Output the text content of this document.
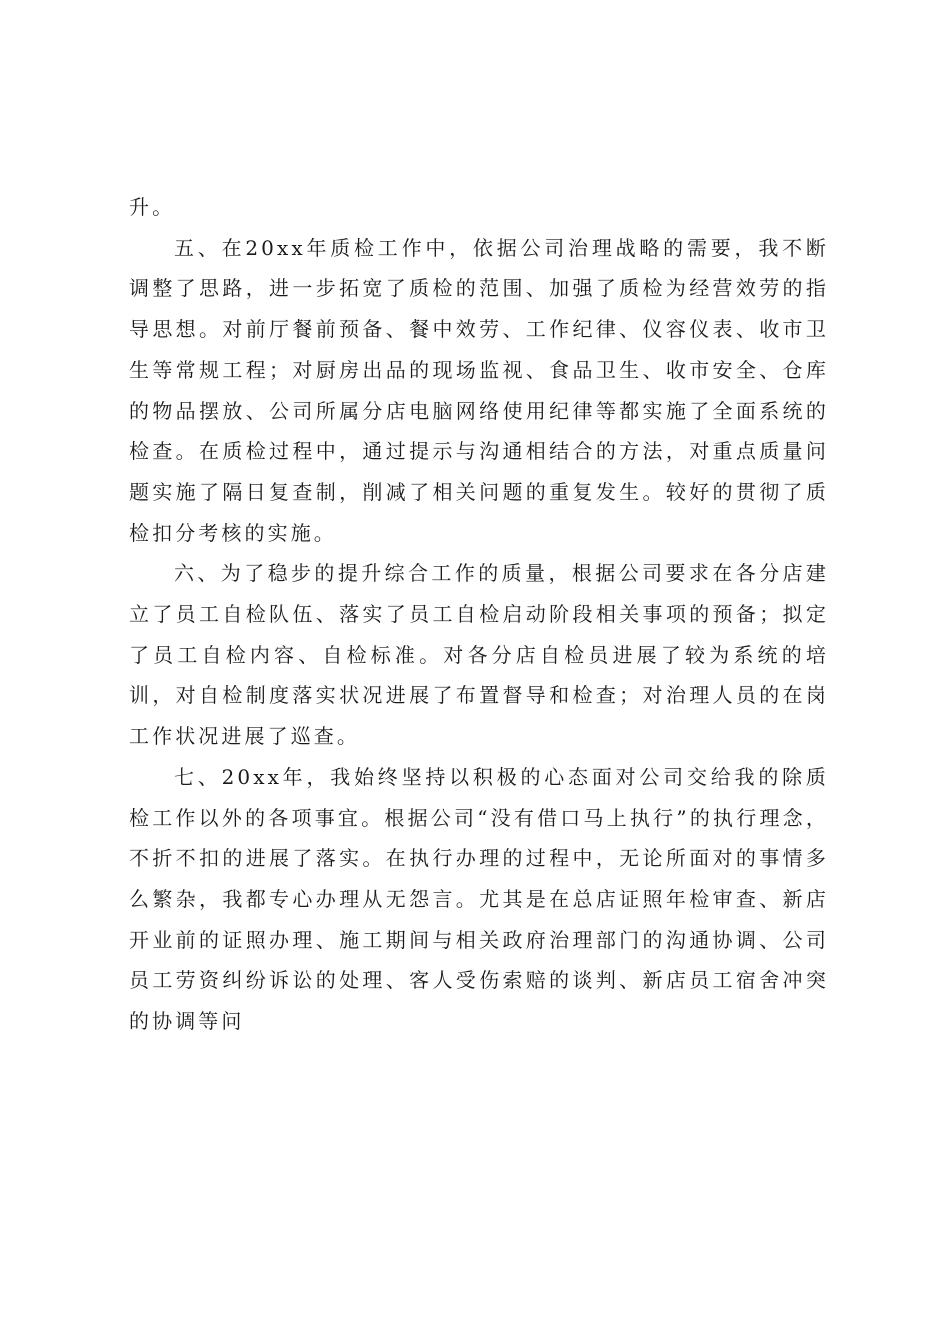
升。

五、在20xx年质检工作中，依据公司治理战略的需要，我不断调整了思路，进一步拓宽了质检的范围、加强了质检为经营效劳的指导思想。对前厅餐前预备、餐中效劳、工作纪律、仪容仪表、收市卫生等常规工程；对厨房出品的现场监视、食品卫生、收市安全、仓库的物品摆放、公司所属分店电脑网络使用纪律等都实施了全面系统的检查。在质检过程中，通过提示与沟通相结合的方法，对重点质量问题实施了隔日复查制，削减了相关问题的重复发生。较好的贯彻了质检扣分考核的实施。

六、为了稳步的提升综合工作的质量，根据公司要求在各分店建立了员工自检队伍、落实了员工自检启动阶段相关事项的预备；拟定了员工自检内容、自检标准。对各分店自检员进展了较为系统的培训，对自检制度落实状况进展了布置督导和检查；对治理人员的在岗工作状况进展了巡查。

七、20xx年，我始终坚持以积极的心态面对公司交给我的除质检工作以外的各项事宜。根据公司“没有借口马上执行”的执行理念，不折不扣的进展了落实。在执行办理的过程中，无论所面对的事情多么繁杂，我都专心办理从无怨言。尤其是在总店证照年检审查、新店开业前的证照办理、施工期间与相关政府治理部门的沟通协调、公司员工劳资纠纷诉讼的处理、客人受伤索赔的谈判、新店员工宿舍冲突的协调等问
